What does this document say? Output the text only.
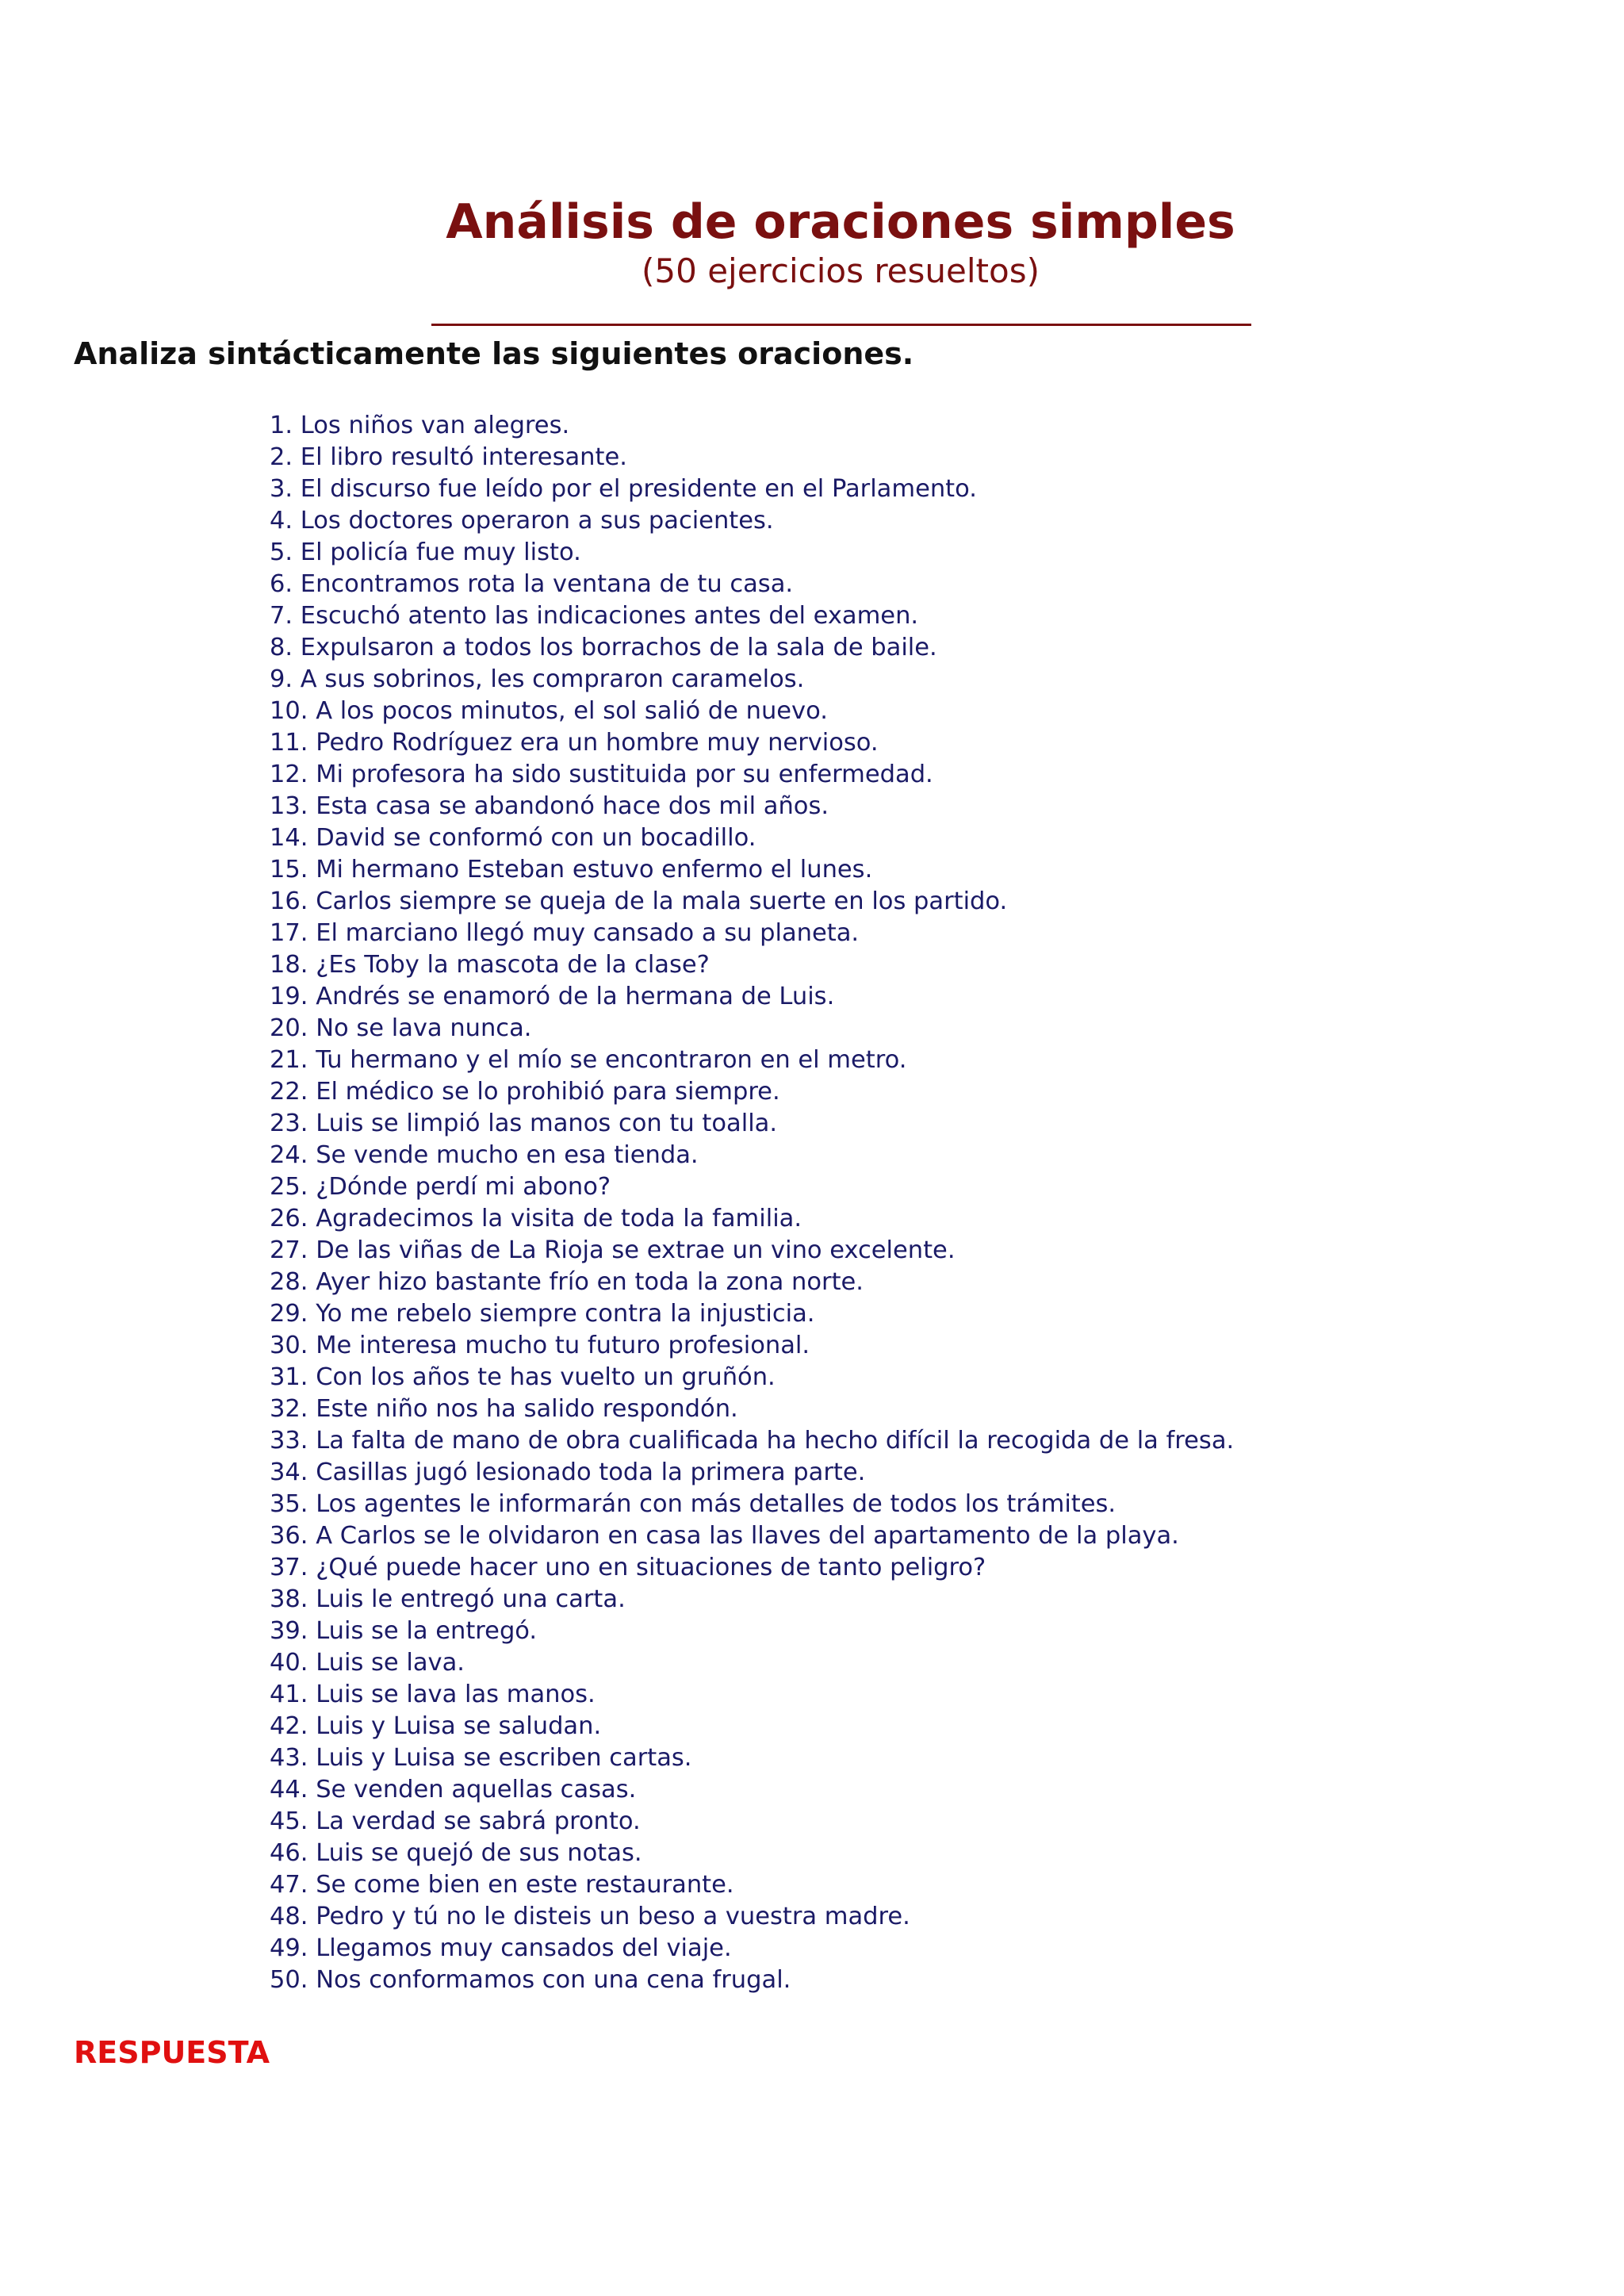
Análisis de oraciones simples
(50 ejercicios resueltos)
Analiza sintácticamente las siguientes oraciones.
1. Los niños van alegres.
2. El libro resultó interesante.
3. El discurso fue leído por el presidente en el Parlamento.
4. Los doctores operaron a sus pacientes.
5. El policía fue muy listo.
6. Encontramos rota la ventana de tu casa.
7. Escuchó atento las indicaciones antes del examen.
8. Expulsaron a todos los borrachos de la sala de baile.
9. A sus sobrinos, les compraron caramelos.
10. A los pocos minutos, el sol salió de nuevo.
11. Pedro Rodríguez era un hombre muy nervioso.
12. Mi profesora ha sido sustituida por su enfermedad.
13. Esta casa se abandonó hace dos mil años.
14. David se conformó con un bocadillo.
15. Mi hermano Esteban estuvo enfermo el lunes.
16. Carlos siempre se queja de la mala suerte en los partido.
17. El marciano llegó muy cansado a su planeta.
18. ¿Es Toby la mascota de la clase?
19. Andrés se enamoró de la hermana de Luis.
20. No se lava nunca.
21. Tu hermano y el mío se encontraron en el metro.
22. El médico se lo prohibió para siempre.
23. Luis se limpió las manos con tu toalla.
24. Se vende mucho en esa tienda.
25. ¿Dónde perdí mi abono?
26. Agradecimos la visita de toda la familia.
27. De las viñas de La Rioja se extrae un vino excelente.
28. Ayer hizo bastante frío en toda la zona norte.
29. Yo me rebelo siempre contra la injusticia.
30. Me interesa mucho tu futuro profesional.
31. Con los años te has vuelto un gruñón.
32. Este niño nos ha salido respondón.
33. La falta de mano de obra cualificada ha hecho difícil la recogida de la fresa.
34. Casillas jugó lesionado toda la primera parte.
35. Los agentes le informarán con más detalles de todos los trámites.
36. A Carlos se le olvidaron en casa las llaves del apartamento de la playa.
37. ¿Qué puede hacer uno en situaciones de tanto peligro?
38. Luis le entregó una carta.
39. Luis se la entregó.
40. Luis se lava.
41. Luis se lava las manos.
42. Luis y Luisa se saludan.
43. Luis y Luisa se escriben cartas.
44. Se venden aquellas casas.
45. La verdad se sabrá pronto.
46. Luis se quejó de sus notas.
47. Se come bien en este restaurante.
48. Pedro y tú no le disteis un beso a vuestra madre.
49. Llegamos muy cansados del viaje.
50. Nos conformamos con una cena frugal.
RESPUESTA
